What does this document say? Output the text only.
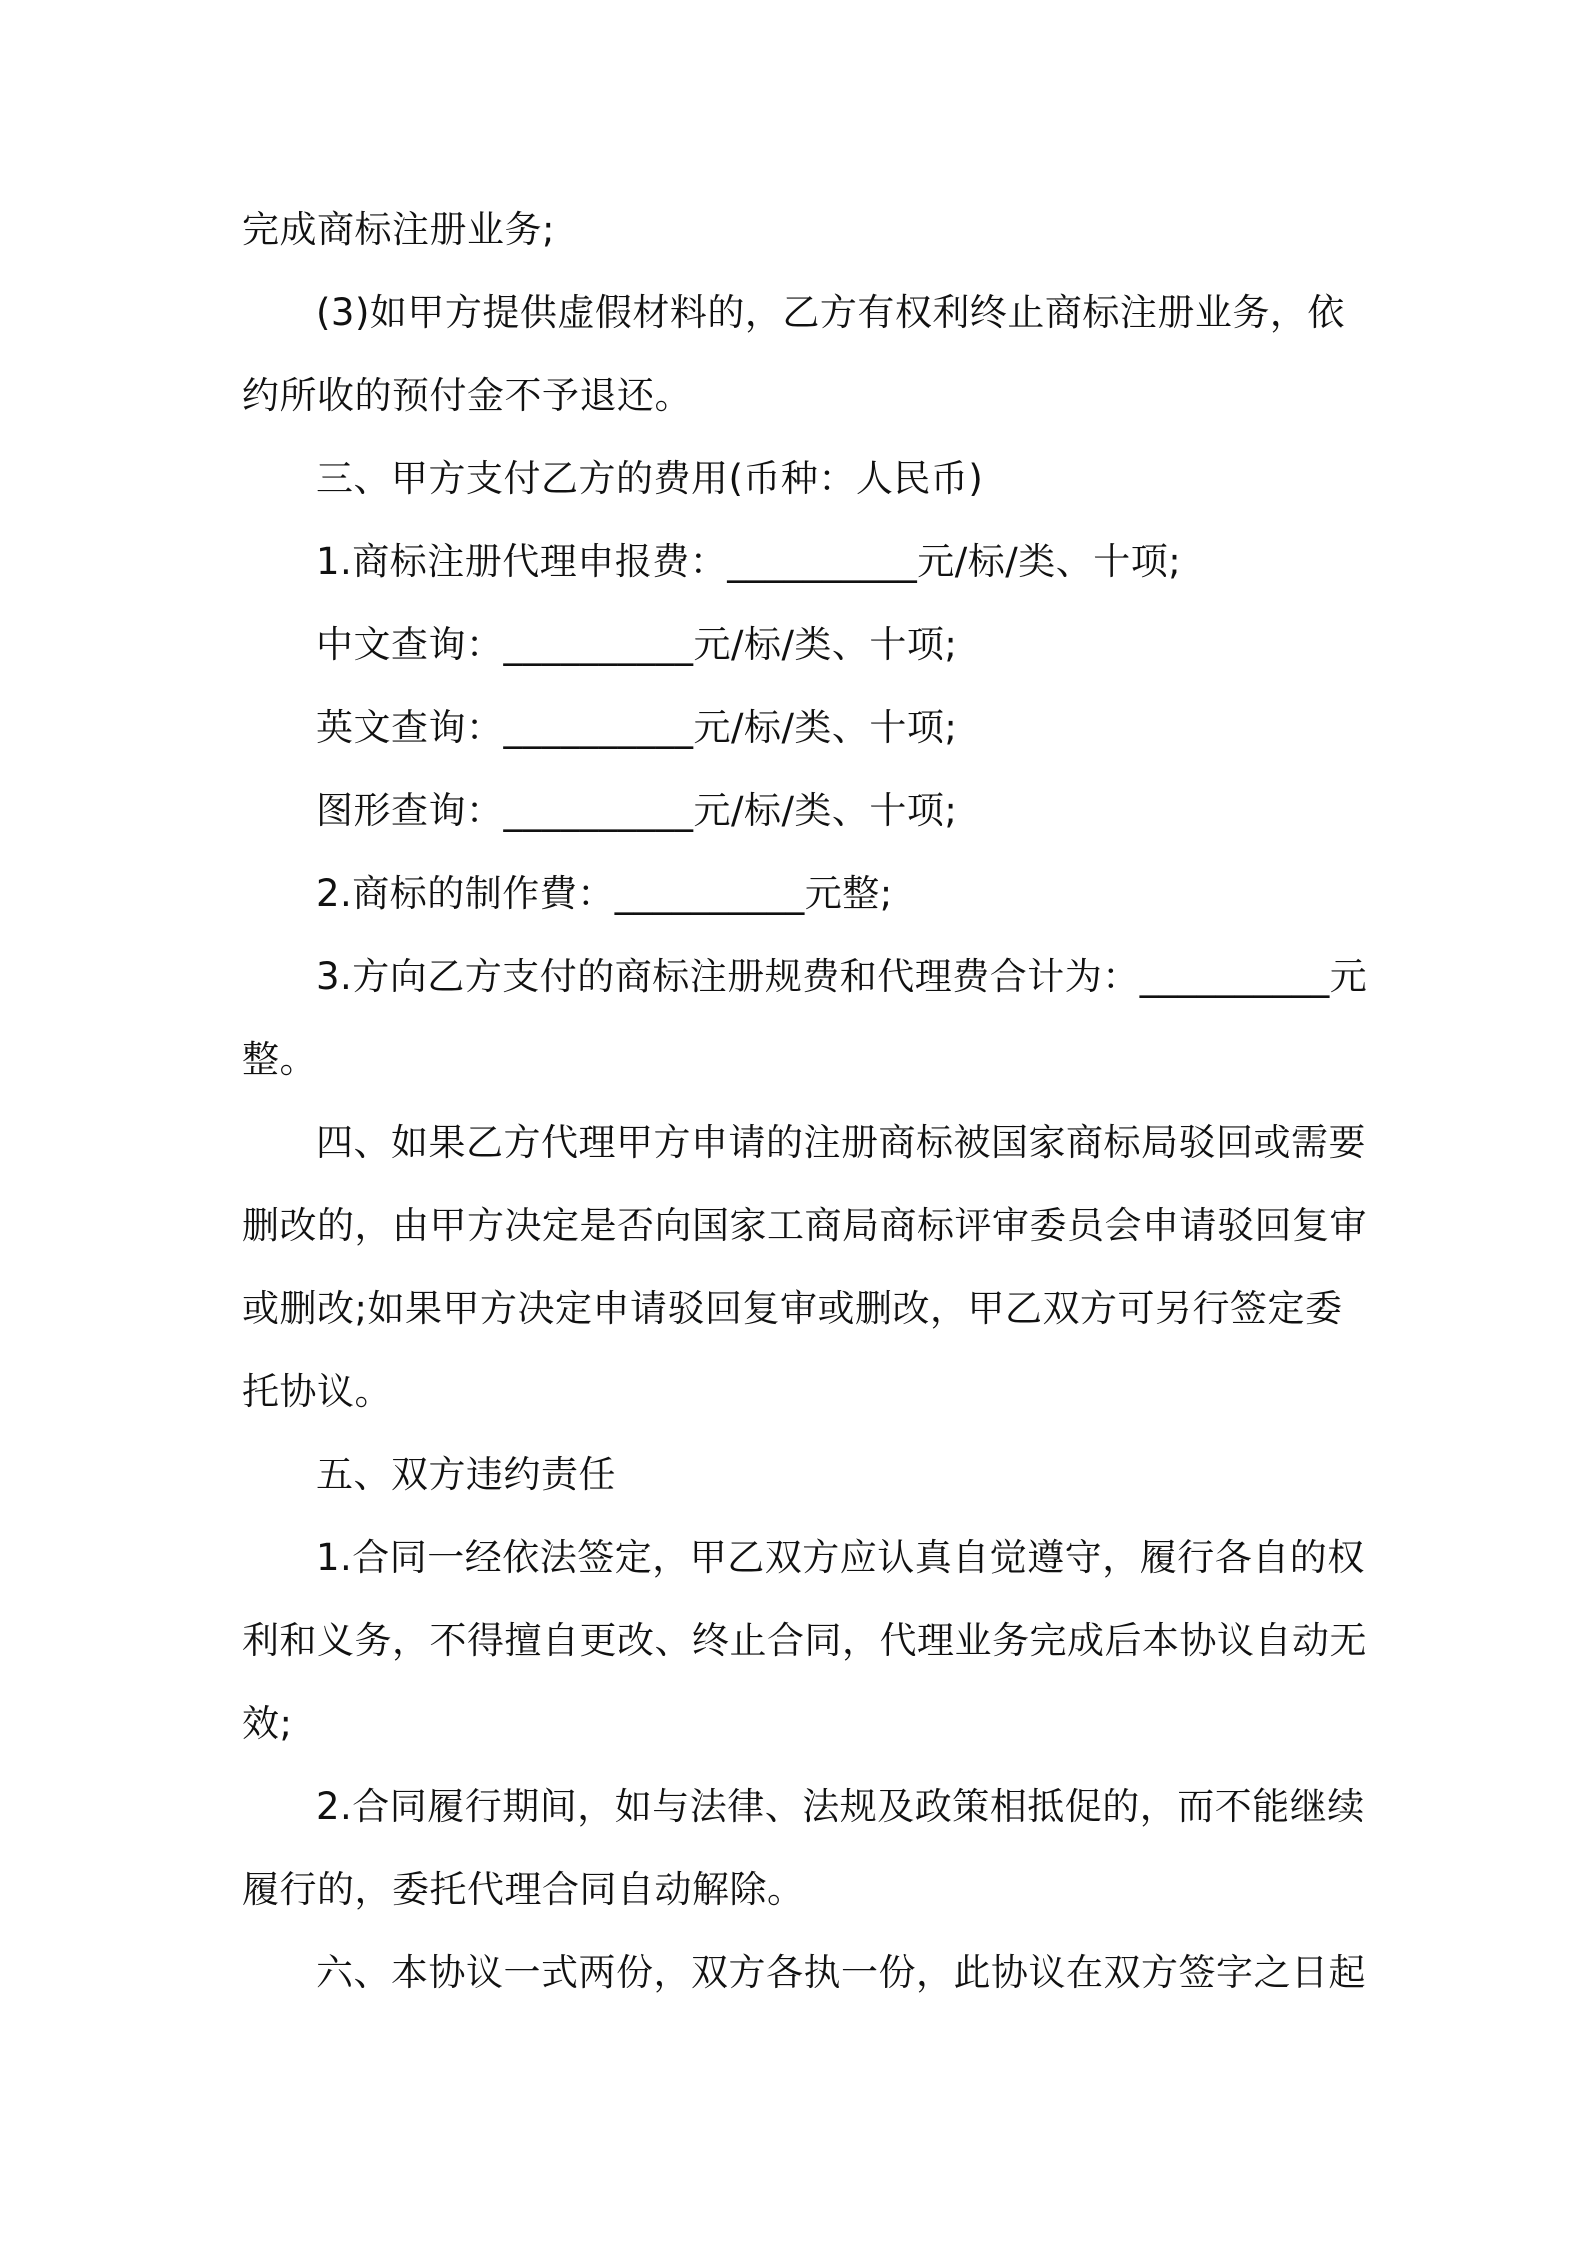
完成商标注册业务;
(3)如甲方提供虚假材料的，乙方有权利终止商标注册业务，依
约所收的预付金不予退还。
三、甲方支付乙方的费用(币种：人民币)
1.商标注册代理申报费：__________元/标/类、十项;
中文查询：__________元/标/类、十项;
英文查询：__________元/标/类、十项;
图形查询：__________元/标/类、十项;
2.商标的制作費：__________元整;
3.方向乙方支付的商标注册规费和代理费合计为：__________元
整。
四、如果乙方代理甲方申请的注册商标被国家商标局驳回或需要
删改的，由甲方决定是否向国家工商局商标评审委员会申请驳回复审
或删改;如果甲方决定申请驳回复审或删改，甲乙双方可另行签定委
托协议。
五、双方违约责任
1.合同一经依法签定，甲乙双方应认真自觉遵守，履行各自的权
利和义务，不得擅自更改、终止合同，代理业务完成后本协议自动无
效;
2.合同履行期间，如与法律、法规及政策相抵促的，而不能继续
履行的，委托代理合同自动解除。
六、本协议一式两份，双方各执一份，此协议在双方签字之日起
